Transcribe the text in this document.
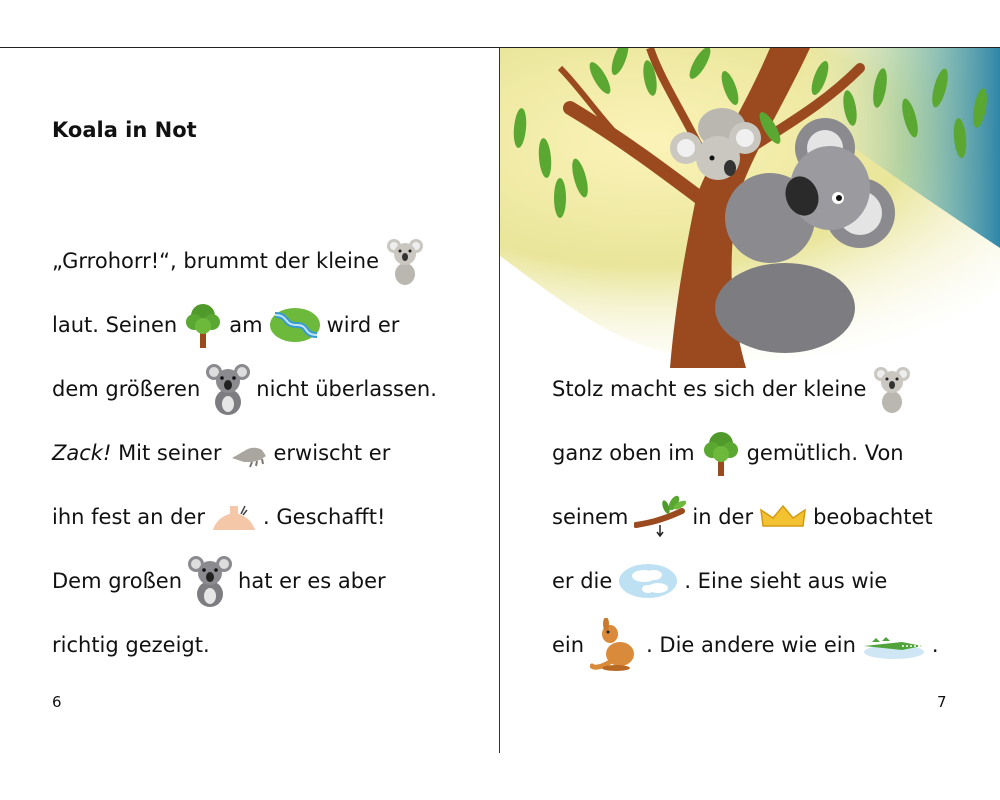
Koala in Not
„Grrohorr!“, brummt der kleine
laut. Seinen am	wird er
dem größeren	nicht überlassen.
Zack! Mit seiner erwischt er
ihn fest an der	. Geschafft!
Dem großen	hat er es aber
richtig gezeigt.
6
Stolz macht es sich der kleine
ganz oben im gemütlich. Von
seinem	in der	beobachtet
er die	. Eine sieht aus wie
ein	. Die andere wie ein	.
7
